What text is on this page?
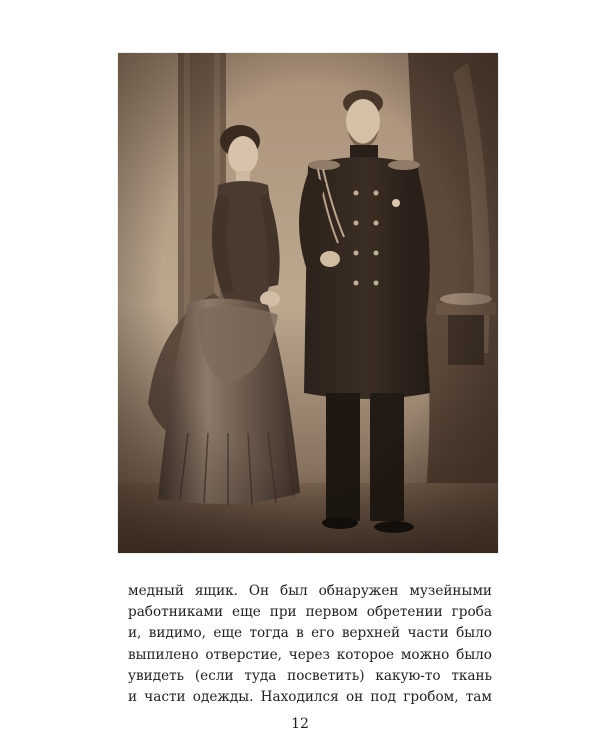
медный ящик. Он был обнаружен музейными
работниками еще при первом обретении гроба
и, видимо, еще тогда в его верхней части было
выпилено отверстие, через которое можно было
увидеть (если туда посветить) какую-то ткань
и части одежды. Находился он под гробом, там
12
